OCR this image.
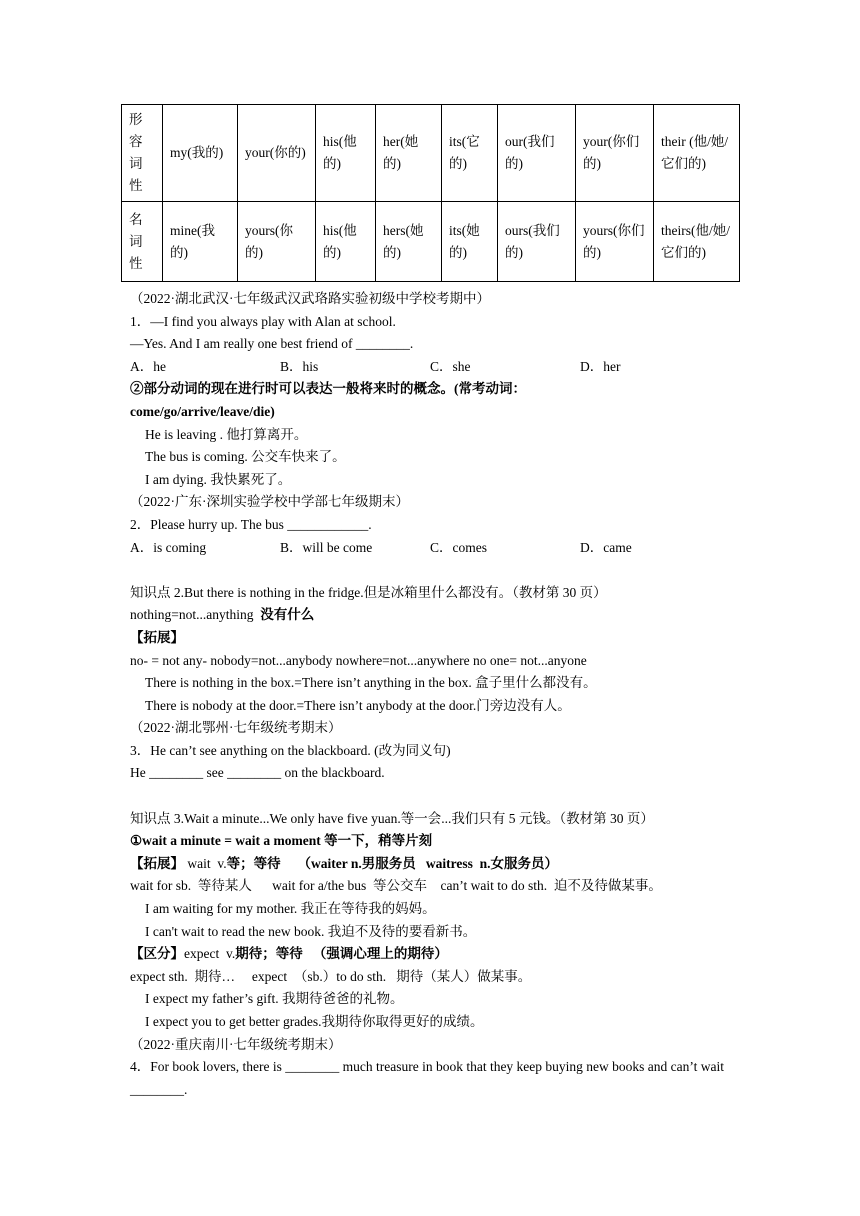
形容词性	my(我的)	your(你的)	his(他的)	her(她的)	its(它的)	our(我们的)	your(你们的)	their (他/她/它们的)
名词性	mine(我的)	yours(你的)	his(他的)	hers(她的)	its(她的)	ours(我们的)	yours(你们的)	theirs(他/她/它们的)
（2022·湖北武汉·七年级武汉武珞路实验初级中学校考期中）
1．—I find you always play with Alan at school.
—Yes. And I am really one best friend of ________.
A．he	B．his	C．she	D．her
②部分动词的现在进行时可以表达一般将来时的概念。(常考动词：
come/go/arrive/leave/die)
He is leaving . 他打算离开。
The bus is coming. 公交车快来了。
I am dying. 我快累死了。
（2022·广东·深圳实验学校中学部七年级期末）
2．Please hurry up. The bus ____________.
A．is coming	B．will be come	C．comes	D．came
知识点 2.But there is nothing in the fridge.但是冰箱里什么都没有。（教材第 30 页）
nothing=not...anything 没有什么
【拓展】
no- = not any- nobody=not...anybody nowhere=not...anywhere no one= not...anyone
There is nothing in the box.=There isn’t anything in the box. 盒子里什么都没有。
There is nobody at the door.=There isn’t anybody at the door.门旁边没有人。
（2022·湖北鄂州·七年级统考期末）
3．He can’t see anything on the blackboard. (改为同义句)
He ________ see ________ on the blackboard.
知识点 3.Wait a minute...We only have five yuan.等一会...我们只有 5 元钱。（教材第 30 页）
①wait a minute = wait a moment 等一下，稍等片刻
【拓展】 wait  v.等；等待     （waiter n.男服务员   waitress  n.女服务员）
wait for sb.  等待某人      wait for a/the bus  等公交车    can’t wait to do sth.  迫不及待做某事。
I am waiting for my mother. 我正在等待我的妈妈。
I can't wait to read the new book. 我迫不及待的要看新书。
【区分】expect  v.期待；等待   （强调心理上的期待）
expect sth.  期待…     expect  （sb.）to do sth.   期待（某人）做某事。
I expect my father’s gift. 我期待爸爸的礼物。
I expect you to get better grades.我期待你取得更好的成绩。
（2022·重庆南川·七年级统考期末）
4．For book lovers, there is ________ much treasure in book that they keep buying new books and can’t wait ________.
